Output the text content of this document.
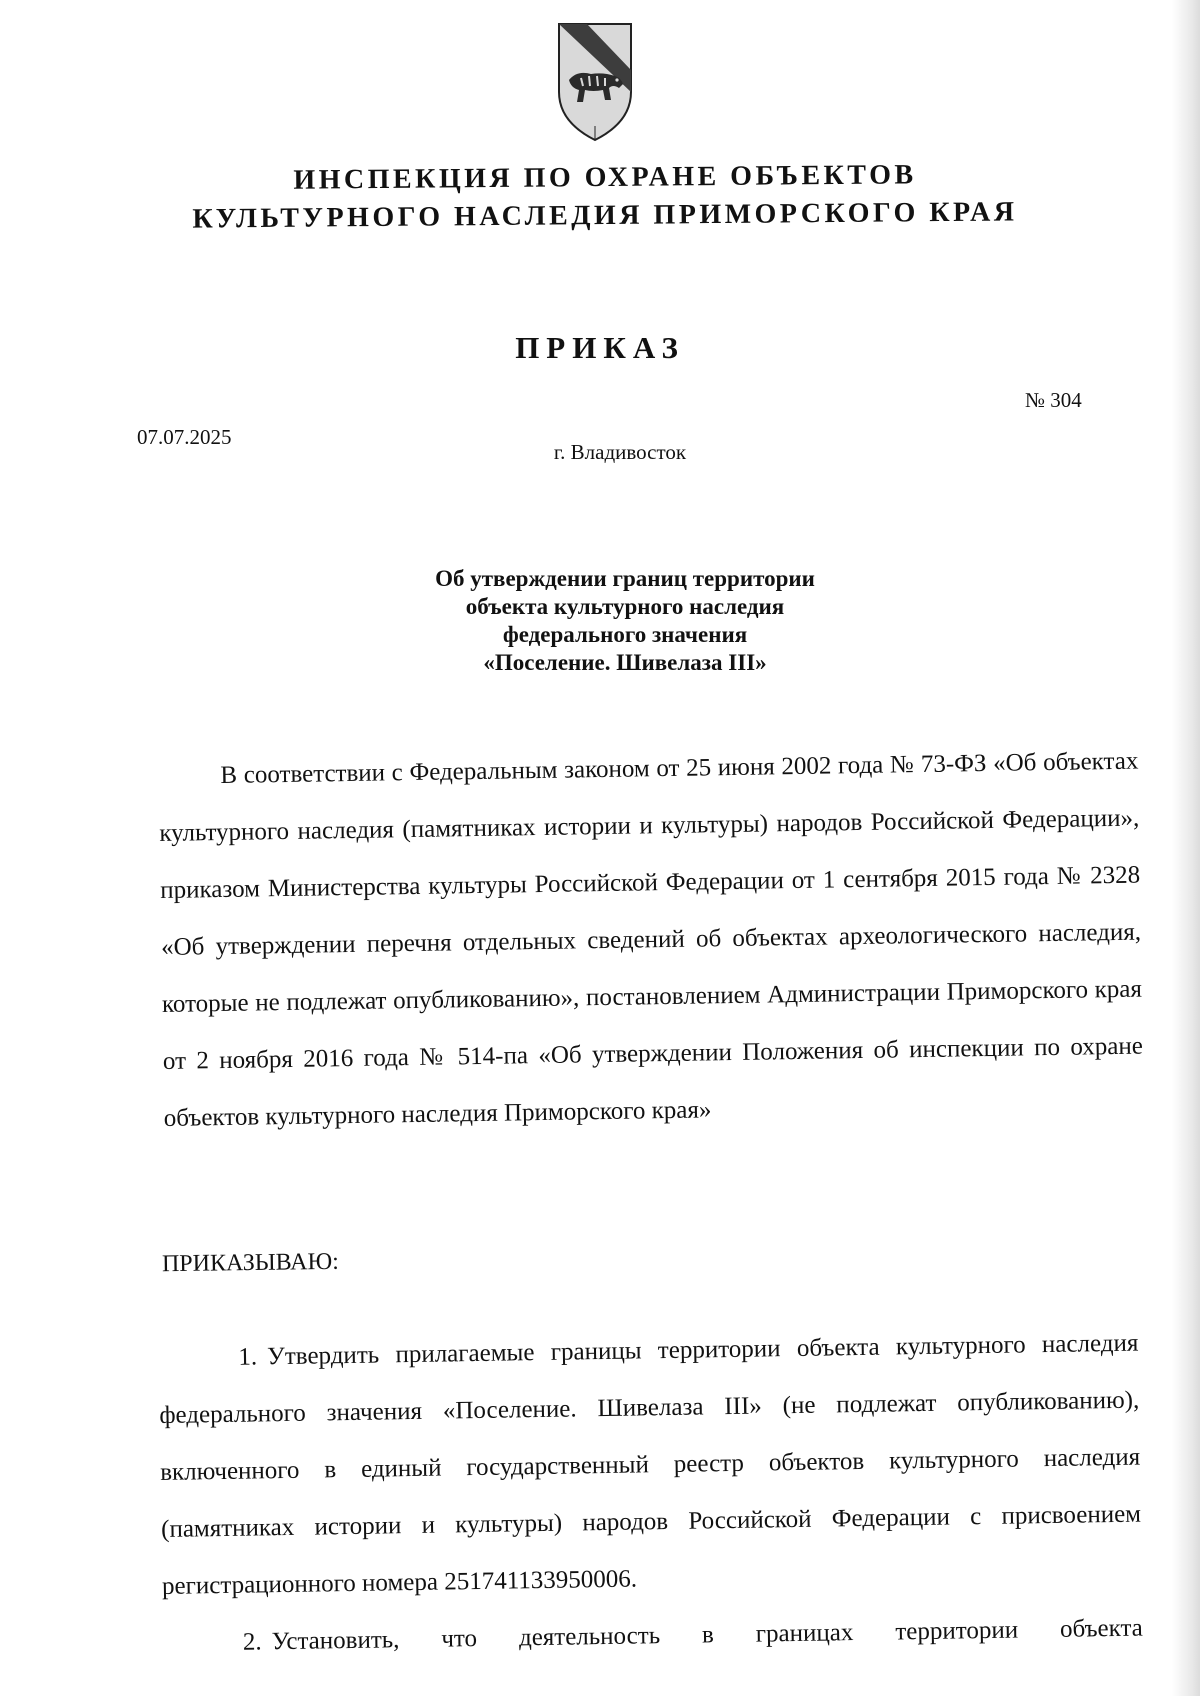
ИНСПЕКЦИЯ ПО ОХРАНЕ ОБЪЕКТОВ
КУЛЬТУРНОГО НАСЛЕДИЯ ПРИМОРСКОГО КРАЯ
ПРИКАЗ
№ 304
07.07.2025
г. Владивосток
Об утверждении границ территории
объекта культурного наследия
федерального значения
«Поселение. Шивелаза III»
В соответствии с Федеральным законом от 25 июня 2002 года № 73-ФЗ «Об объектах культурного наследия (памятниках истории и культуры) народов Российской Федерации», приказом Министерства культуры Российской Федерации от 1 сентября 2015 года № 2328 «Об утверждении перечня отдельных сведений об объектах археологического наследия, которые не подлежат опубликованию», постановлением Администрации Приморского края от 2 ноября 2016 года № 514-па «Об утверждении Положения об инспекции по охране объектов культурного наследия Приморского края»
ПРИКАЗЫВАЮ:

1. Утвердить прилагаемые границы территории объекта культурного наследия федерального значения «Поселение. Шивелаза III» (не подлежат опубликованию), включенного в единый государственный реестр объектов культурного наследия (памятниках истории и культуры) народов Российской Федерации с присвоением регистрационного номера 251741133950006.

2. Установить, что деятельность в границах территории объекта
